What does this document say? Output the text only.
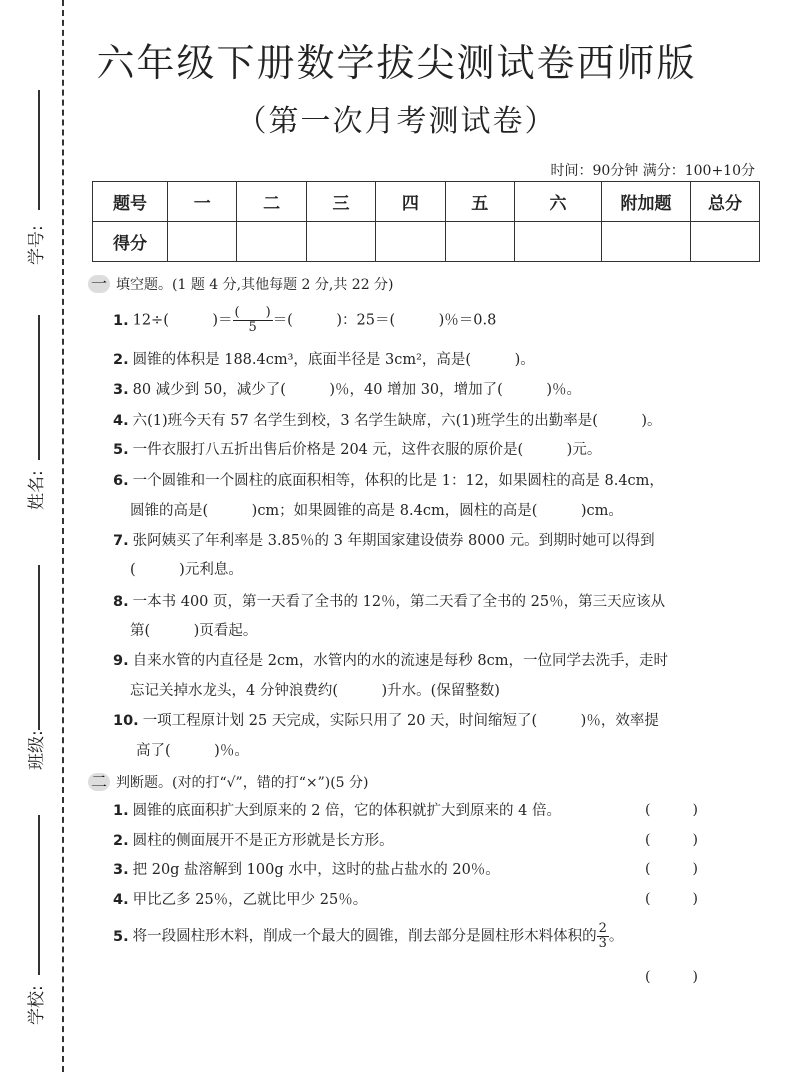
学号:
姓名:
班级:
学校:
六年级下册数学拔尖测试卷西师版
（第一次月考测试卷）
时间：90分钟 满分：100+10分
题号	一	二	三	四	五	六	附加题	总分
得分								
一 填空题。(1 题 4 分,其他每题 2 分,共 22 分)
1. 12÷(　　　)＝ $\frac{( )}{5}=$(　　　)：25＝(　　　)％＝0.8
2. 圆锥的体积是 188.4cm³，底面半径是 3cm²，高是(　　　)。
3. 80 减少到 50，减少了(　　　)％，40 增加 30，增加了(　　　)％。
4. 六(1)班今天有 57 名学生到校，3 名学生缺席，六(1)班学生的出勤率是(　　　)。
5. 一件衣服打八五折出售后价格是 204 元，这件衣服的原价是(　　　)元。
6. 一个圆锥和一个圆柱的底面积相等，体积的比是 1：12，如果圆柱的高是 8.4cm，
圆锥的高是(　　　)cm；如果圆锥的高是 8.4cm，圆柱的高是(　　　)cm。
7. 张阿姨买了年利率是 3.85％的 3 年期国家建设债券 8000 元。到期时她可以得到
(　　　)元利息。
8. 一本书 400 页，第一天看了全书的 12％，第二天看了全书的 25％，第三天应该从
第(　　　)页看起。
9. 自来水管的内直径是 2cm，水管内的水的流速是每秒 8cm，一位同学去洗手，走时
忘记关掉水龙头，4 分钟浪费约(　　　)升水。(保留整数)
10. 一项工程原计划 25 天完成，实际只用了 20 天，时间缩短了(　　　)％，效率提
高了(　　　)％。
二 判断题。(对的打“√”，错的打“×”)(5 分)
1. 圆锥的底面积扩大到原来的 2 倍，它的体积就扩大到原来的 4 倍。	(　　　)
2. 圆柱的侧面展开不是正方形就是长方形。	(　　　)
3. 把 20g 盐溶解到 100g 水中，这时的盐占盐水的 20％。	(　　　)
4. 甲比乙多 25％，乙就比甲少 25％。	(　　　)
5. 将一段圆柱形木料，削成一个最大的圆锥，削去部分是圆柱形木料体积的 $\frac{2}{3}$。
(　　　)
